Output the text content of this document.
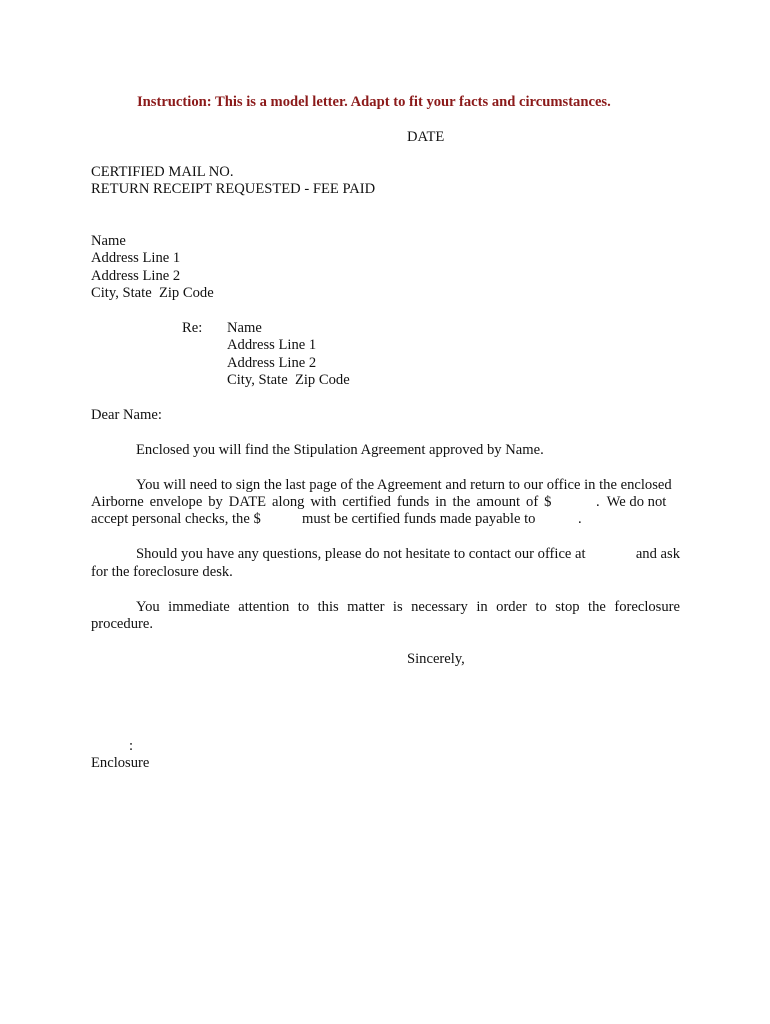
Instruction: This is a model letter. Adapt to fit your facts and circumstances.
DATE
CERTIFIED MAIL NO.
RETURN RECEIPT REQUESTED - FEE PAID
Name
Address Line 1
Address Line 2
City, State  Zip Code
Re: Name
Address Line 1
Address Line 2
City, State  Zip Code
Dear Name:
Enclosed you will find the Stipulation Agreement approved by Name.
You will need to sign the last page of the Agreement and return to our office in the enclosed
Airborne envelope by DATE along with certified funds in the amount of $	.  We do not
accept personal checks, the $	must be certified funds made payable to	.
Should you have any questions, please do not hesitate to contact our office at	and ask
for the foreclosure desk.
You immediate attention to this matter is necessary in order to stop the foreclosure
procedure.
Sincerely,
:
Enclosure
